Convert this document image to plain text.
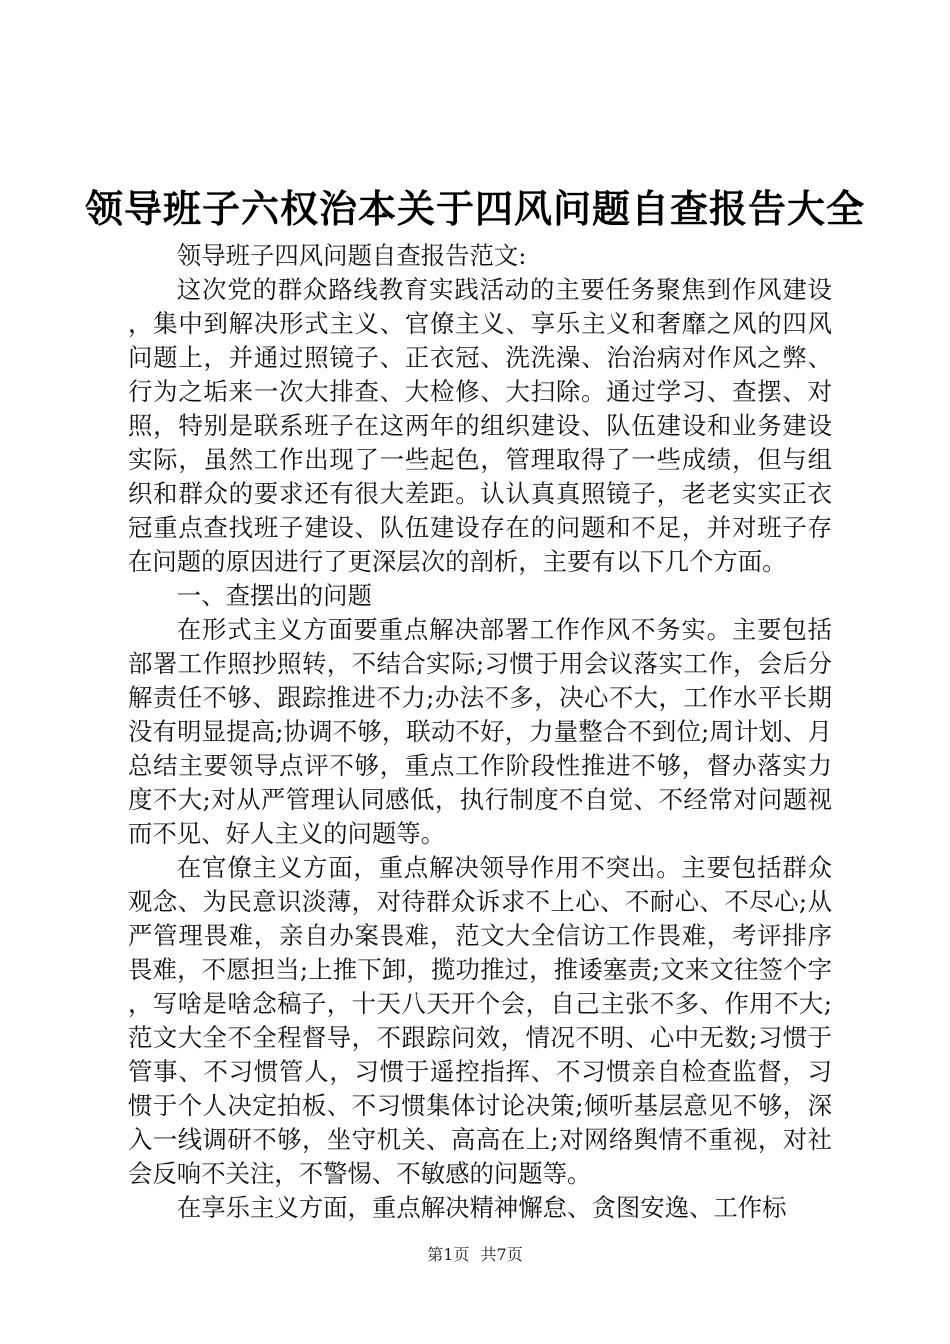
领导班子六权治本关于四风问题自查报告大全

领导班子四风问题自查报告范文:

这次党的群众路线教育实践活动的主要任务聚焦到作风建设，集中到解决形式主义、官僚主义、享乐主义和奢靡之风的四风问题上，并通过照镜子、正衣冠、洗洗澡、治治病对作风之弊、行为之垢来一次大排查、大检修、大扫除。通过学习、查摆、对照，特别是联系班子在这两年的组织建设、队伍建设和业务建设实际，虽然工作出现了一些起色，管理取得了一些成绩，但与组织和群众的要求还有很大差距。认认真真照镜子，老老实实正衣冠重点查找班子建设、队伍建设存在的问题和不足，并对班子存在问题的原因进行了更深层次的剖析，主要有以下几个方面。

一、查摆出的问题

在形式主义方面要重点解决部署工作作风不务实。主要包括部署工作照抄照转，不结合实际;习惯于用会议落实工作，会后分解责任不够、跟踪推进不力;办法不多，决心不大，工作水平长期没有明显提高;协调不够，联动不好，力量整合不到位;周计划、月总结主要领导点评不够，重点工作阶段性推进不够，督办落实力度不大;对从严管理认同感低，执行制度不自觉、不经常对问题视而不见、好人主义的问题等。

在官僚主义方面，重点解决领导作用不突出。主要包括群众观念、为民意识淡薄，对待群众诉求不上心、不耐心、不尽心;从严管理畏难，亲自办案畏难，范文大全信访工作畏难，考评排序畏难，不愿担当;上推下卸，揽功推过，推诿塞责;文来文往签个字，写啥是啥念稿子，十天八天开个会，自己主张不多、作用不大;范文大全不全程督导，不跟踪问效，情况不明、心中无数;习惯于管事、不习惯管人，习惯于遥控指挥、不习惯亲自检查监督，习惯于个人决定拍板、不习惯集体讨论决策;倾听基层意见不够，深入一线调研不够，坐守机关、高高在上;对网络舆情不重视，对社会反响不关注，不警惕、不敏感的问题等。

在享乐主义方面，重点解决精神懈怠、贪图安逸、工作标

第1页 共7页
